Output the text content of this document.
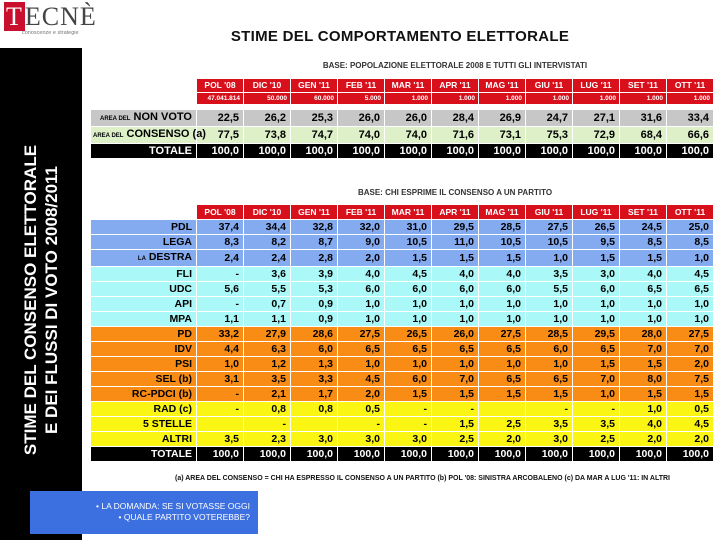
STIME DEL CONSENSO ELETTORALE E DEI FLUSSI DI VOTO 2008/2011
TECNÈ
conoscenze e strategie	STIME DEL COMPORTAMENTO ELETTORALE
BASE: POPOLAZIONE ELETTORALE 2008 E TUTTI GLI INTERVISTATI
	POL '08	DIC '10	GEN '11	FEB '11	MAR '11	APR '11	MAG '11	GIU '11	LUG '11	SET '11	OTT '11
	47.041.814	50.000	60.000	5.000	1.000	1.000	1.000	1.000	1.000	1.000	1.000

AREA DEL NON VOTO	22,5	26,2	25,3	26,0	26,0	28,4	26,9	24,7	27,1	31,6	33,4
AREA DEL CONSENSO (a)	77,5	73,8	74,7	74,0	74,0	71,6	73,1	75,3	72,9	68,4	66,6
TOTALE	100,0	100,0	100,0	100,0	100,0	100,0	100,0	100,0	100,0	100,0	100,0
BASE: CHI ESPRIME IL CONSENSO A UN PARTITO
	POL '08	DIC '10	GEN '11	FEB '11	MAR '11	APR '11	MAG '11	GIU '11	LUG '11	SET '11	OTT '11
PDL	37,4	34,4	32,8	32,0	31,0	29,5	28,5	27,5	26,5	24,5	25,0
LEGA	8,3	8,2	8,7	9,0	10,5	11,0	10,5	10,5	9,5	8,5	8,5
LA DESTRA	2,4	2,4	2,8	2,0	1,5	1,5	1,5	1,0	1,5	1,5	1,0
FLI	-	3,6	3,9	4,0	4,5	4,0	4,0	3,5	3,0	4,0	4,5
UDC	5,6	5,5	5,3	6,0	6,0	6,0	6,0	5,5	6,0	6,5	6,5
API	-	0,7	0,9	1,0	1,0	1,0	1,0	1,0	1,0	1,0	1,0
MPA	1,1	1,1	0,9	1,0	1,0	1,0	1,0	1,0	1,0	1,0	1,0
PD	33,2	27,9	28,6	27,5	26,5	26,0	27,5	28,5	29,5	28,0	27,5
IDV	4,4	6,3	6,0	6,5	6,5	6,5	6,5	6,0	6,5	7,0	7,0
PSI	1,0	1,2	1,3	1,0	1,0	1,0	1,0	1,0	1,5	1,5	2,0
SEL (b)	3,1	3,5	3,3	4,5	6,0	7,0	6,5	6,5	7,0	8,0	7,5
RC-PDCI (b)	-	2,1	1,7	2,0	1,5	1,5	1,5	1,5	1,0	1,5	1,5
RAD (c)	-	0,8	0,8	0,5	-	-		-	-	1,0	0,5
5 STELLE		-		-	-	1,5	2,5	3,5	3,5	4,0	4,5
ALTRI	3,5	2,3	3,0	3,0	3,0	2,5	2,0	3,0	2,5	2,0	2,0
TOTALE	100,0	100,0	100,0	100,0	100,0	100,0	100,0	100,0	100,0	100,0	100,0
(a) AREA DEL CONSENSO = CHI HA ESPRESSO IL CONSENSO A UN PARTITO (b) POL '08: SINISTRA ARCOBALENO (c) DA MAR A LUG '11: IN ALTRI
• LA DOMANDA: SE SI VOTASSE OGGI
• QUALE PARTITO VOTEREBBE?
